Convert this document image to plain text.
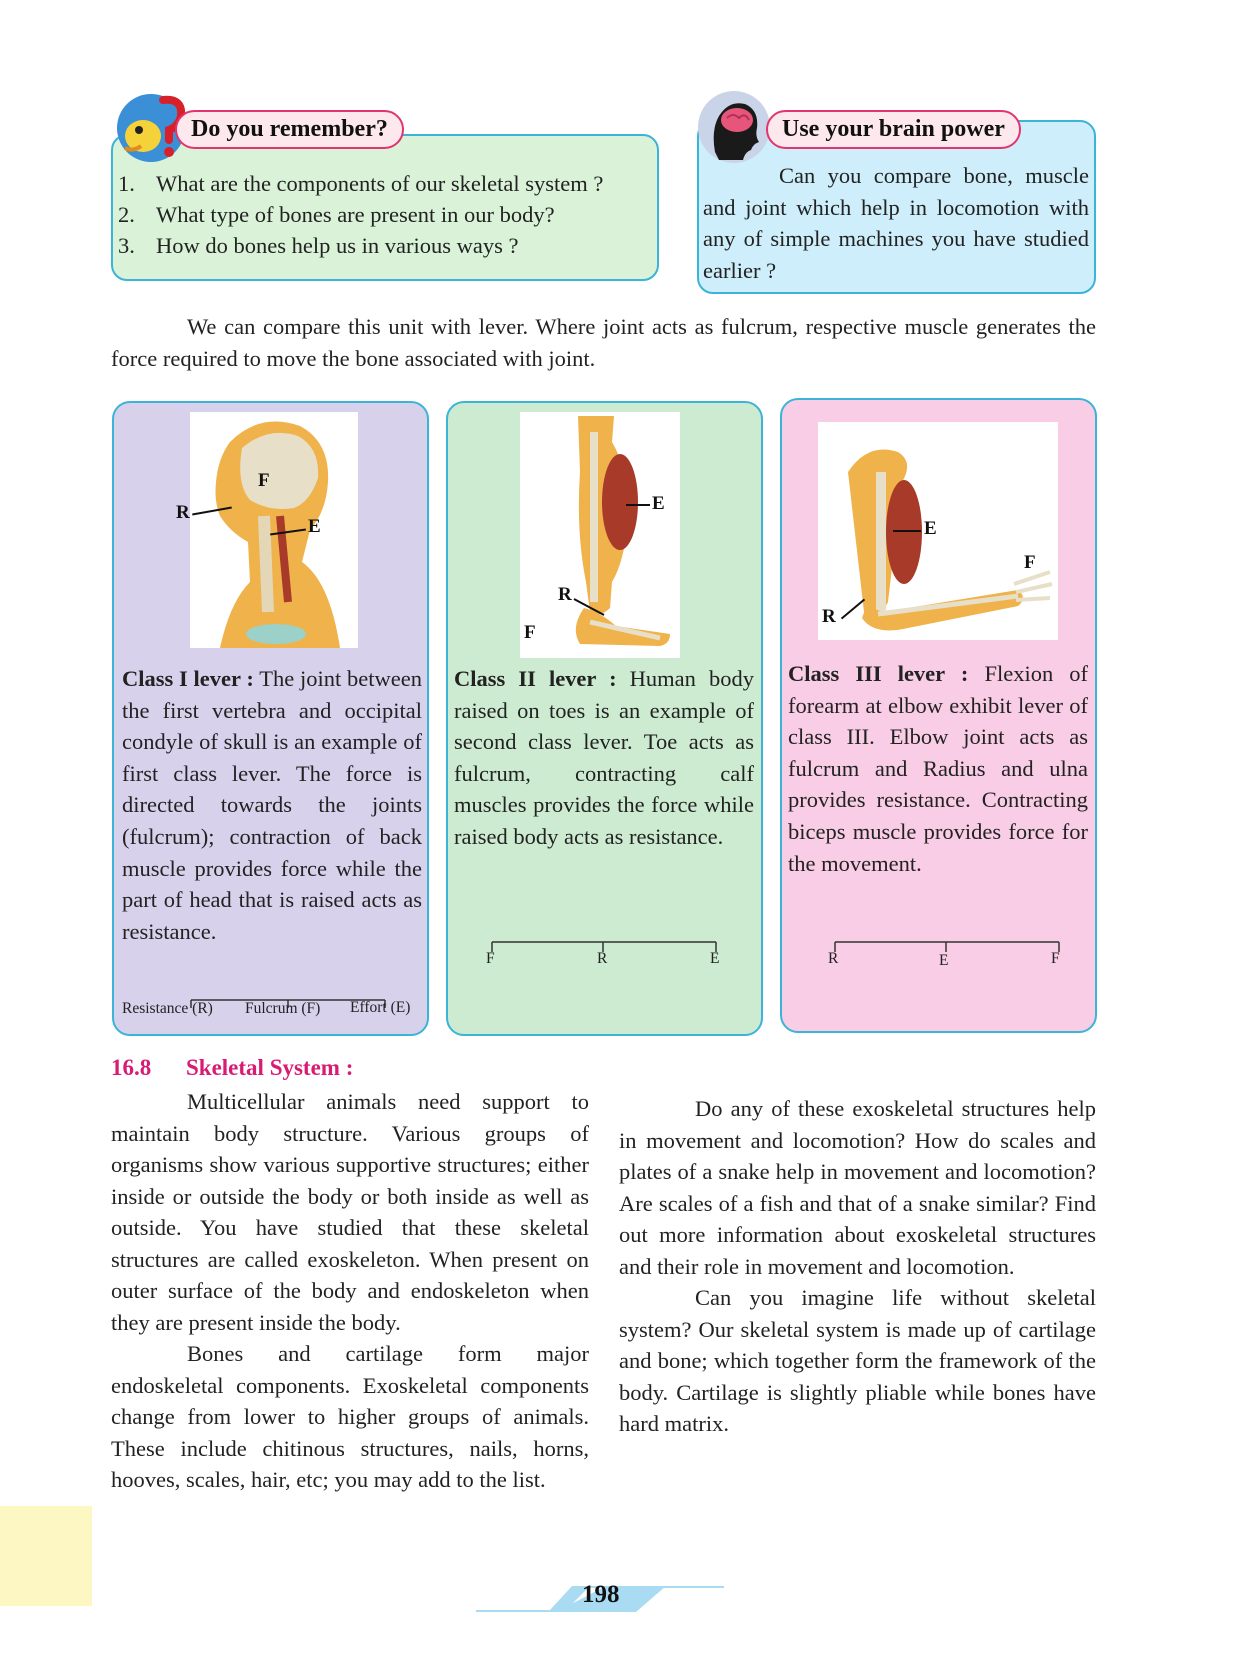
Do you remember?
1. What are the components of our skeletal system ?
2. What type of bones are present in our body?
3. How do bones help us in various ways ?
Use your brain power
Can you compare bone, muscle and joint which help in locomotion with any of simple machines you have studied earlier ?
We can compare this unit with lever. Where joint acts as fulcrum, respective muscle generates the force required to move the bone associated with joint.
R
F
E
Class I lever : The joint between the first vertebra and occipital condyle of skull is an example of first class lever. The force is directed towards the joints (fulcrum); contraction of back muscle provides force while the part of head that is raised acts as resistance.
Resistance (R) Fulcrum (F) Effort (E)
E
R
F
Class II lever : Human body raised on toes is an example of second class lever. Toe acts as fulcrum, contracting calf muscles provides the force while raised body acts as resistance.
F	R	E
E
F
R
Class III lever : Flexion of forearm at elbow exhibit lever of class III. Elbow joint acts as fulcrum and Radius and ulna provides resistance. Contracting biceps muscle provides force for the movement.
R	E	F
16.8 Skeletal System :
Multicellular animals need support to maintain body structure. Various groups of organisms show various supportive structures; either inside or outside the body or both inside as well as outside. You have studied that these skeletal structures are called exoskeleton. When present on outer surface of the body and endoskeleton when they are present inside the body.
Bones and cartilage form major endoskeletal components. Exoskeletal components change from lower to higher groups of animals. These include chitinous structures, nails, horns, hooves, scales, hair, etc; you may add to the list.
Do any of these exoskeletal structures help in movement and locomotion? How do scales and plates of a snake help in movement and locomotion? Are scales of a fish and that of a snake similar? Find out more information about exoskeletal structures and their role in movement and locomotion.
Can you imagine life without skeletal system? Our skeletal system is made up of cartilage and bone; which together form the framework of the body. Cartilage is slightly pliable while bones have hard matrix.
198
